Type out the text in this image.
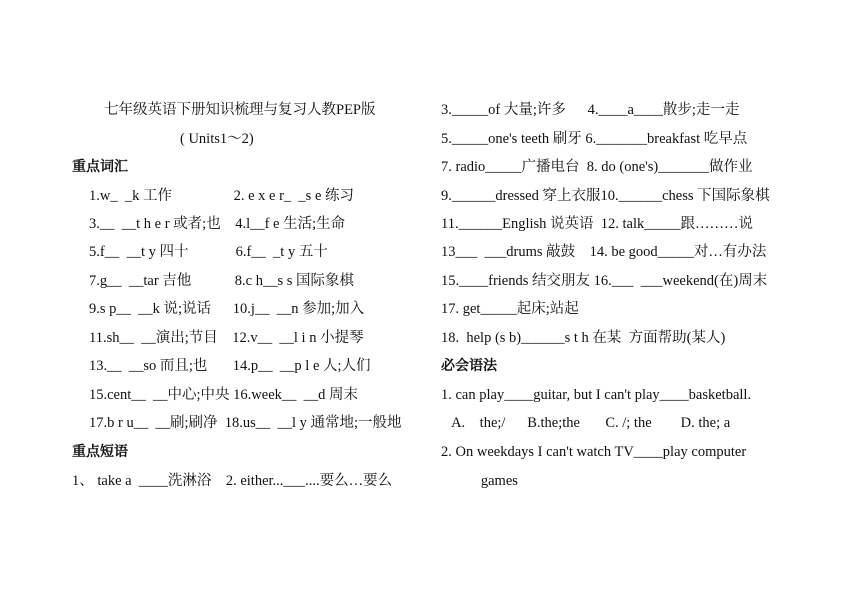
七年级英语下册知识梳理与复习人教PEP版
( Units1～2)
重点词汇
1.w_  _k 工作                 2. e x e r_  _s e 练习
3.__  __t h e r 或者;也    4.l__f e 生活;生命
5.f__  __t y 四十             6.f__  _t y 五十
7.g__  __tar 吉他            8.c h__s s 国际象棋
9.s p__  __k 说;说话      10.j__  __n 参加;加入
11.sh__  __演出;节目    12.v__  __l i n 小提琴
13.__  __so 而且;也       14.p__  __p l e 人;人们
15.cent__  __中心;中央 16.week__  __d 周末
17.b r u__  __刷;刷净  18.us__  __l y 通常地;一般地
重点短语
1、 take a  ____洗淋浴    2. either...___....要么…要么
3._____of 大量;许多      4.____a____散步;走一走
5._____one's teeth 刷牙 6._______breakfast 吃早点
7. radio_____广播电台  8. do (one's)_______做作业
9.______dressed 穿上衣服10.______chess 下国际象棋
11.______English 说英语  12. talk_____跟………说
13___  ___drums 敲鼓    14. be good_____对…有办法
15.____friends 结交朋友 16.___  ___weekend(在)周末
17. get_____起床;站起
18.  help (s b)______s t h 在某  方面帮助(某人)
必会语法
1. can play____guitar, but I can't play____basketball.
A.    the;/      B.the;the       C. /; the        D. the; a
2. On weekdays I can't watch TV____play computer
games
